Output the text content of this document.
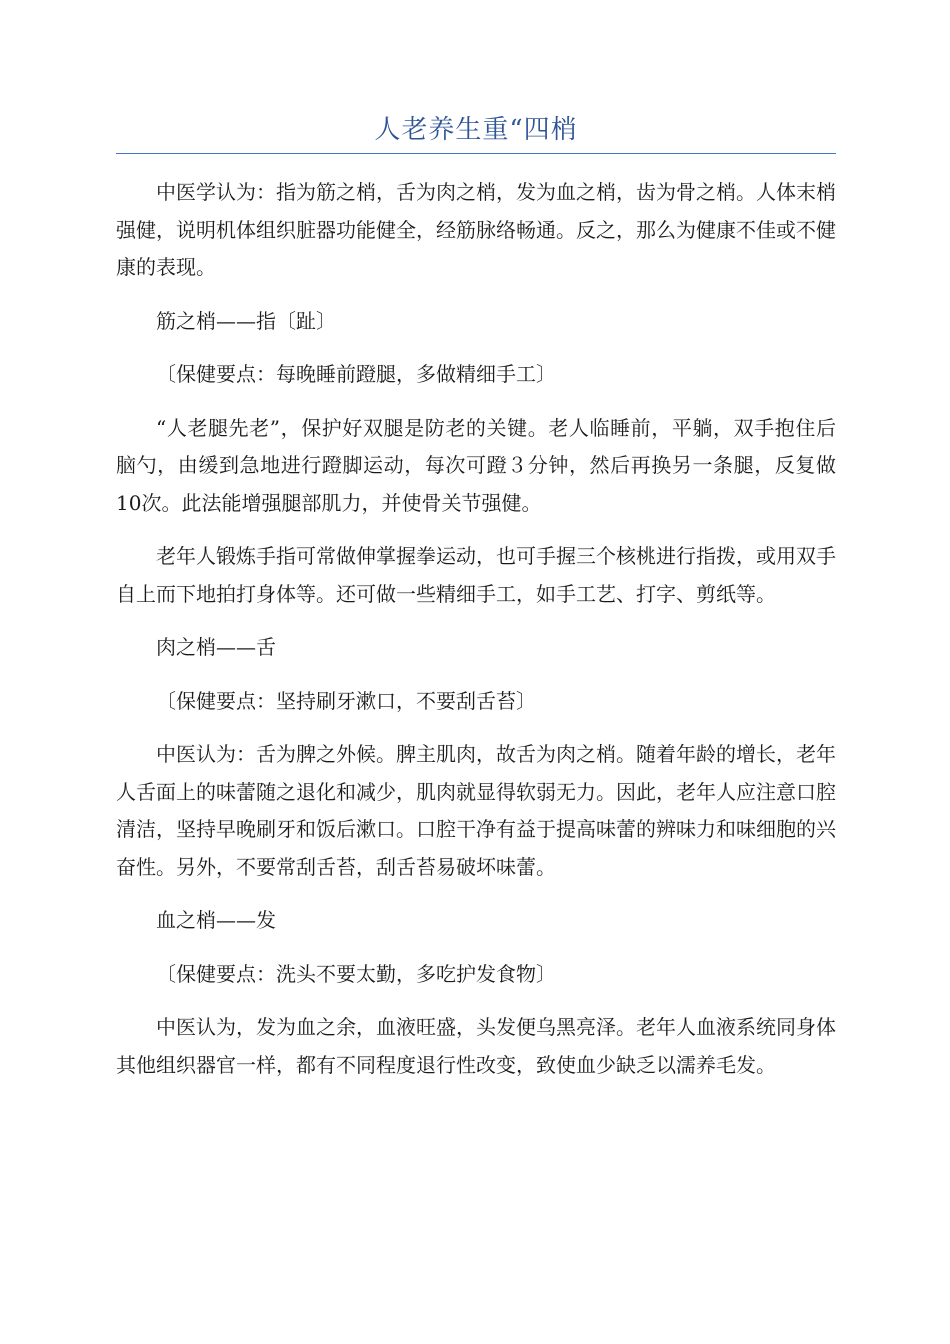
人老养生重“四梢

中医学认为：指为筋之梢，舌为肉之梢，发为血之梢，齿为骨之梢。人体末梢强健，说明机体组织脏器功能健全，经筋脉络畅通。反之，那么为健康不佳或不健康的表现。

筋之梢——指〔趾〕

〔保健要点：每晚睡前蹬腿，多做精细手工〕

“人老腿先老”，保护好双腿是防老的关键。老人临睡前，平躺，双手抱住后脑勺，由缓到急地进行蹬脚运动，每次可蹬３分钟，然后再换另一条腿，反复做10次。此法能增强腿部肌力，并使骨关节强健。

老年人锻炼手指可常做伸掌握拳运动，也可手握三个核桃进行指拨，或用双手自上而下地拍打身体等。还可做一些精细手工，如手工艺、打字、剪纸等。

肉之梢——舌

〔保健要点：坚持刷牙漱口，不要刮舌苔〕

中医认为：舌为脾之外候。脾主肌肉，故舌为肉之梢。随着年龄的增长，老年人舌面上的味蕾随之退化和减少，肌肉就显得软弱无力。因此，老年人应注意口腔清洁，坚持早晚刷牙和饭后漱口。口腔干净有益于提高味蕾的辨味力和味细胞的兴奋性。另外，不要常刮舌苔，刮舌苔易破坏味蕾。

血之梢——发

〔保健要点：洗头不要太勤，多吃护发食物〕

中医认为，发为血之余，血液旺盛，头发便乌黑亮泽。老年人血液系统同身体其他组织器官一样，都有不同程度退行性改变，致使血少缺乏以濡养毛发。
